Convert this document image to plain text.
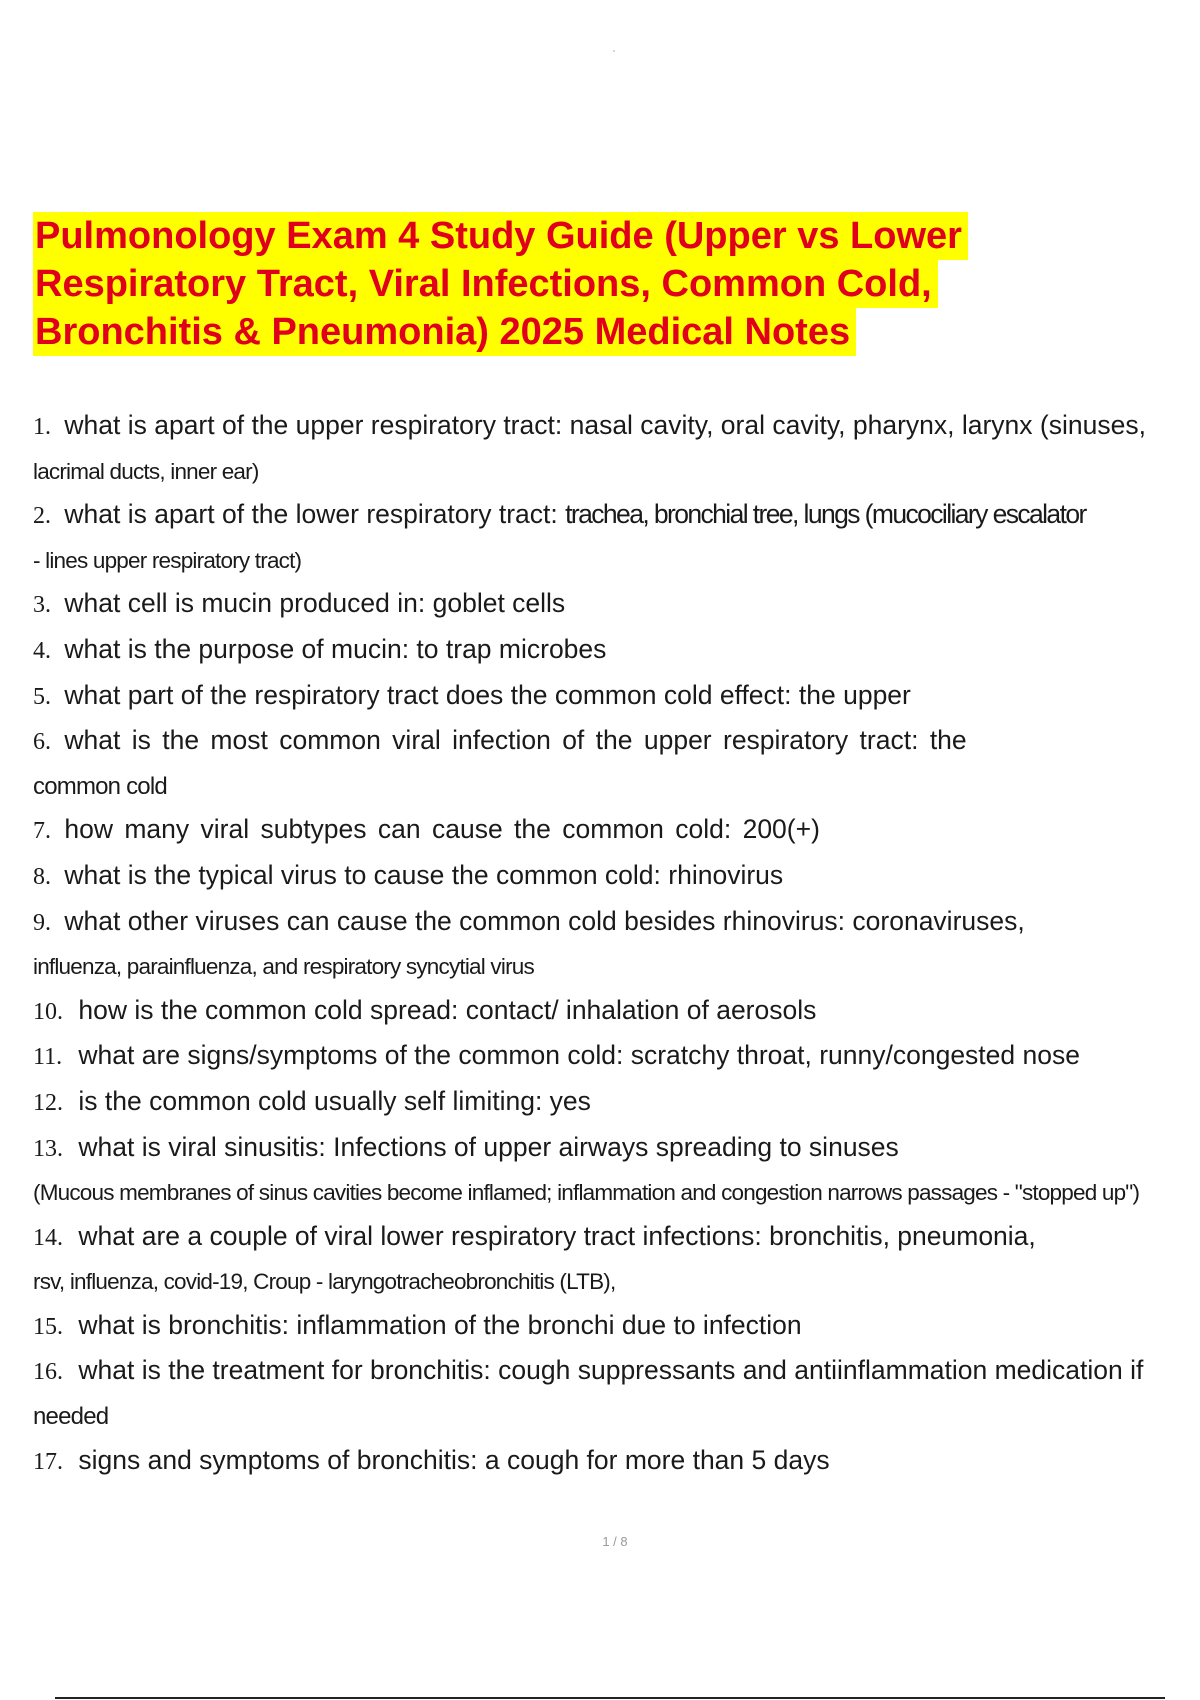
Pulmonology Exam 4 Study Guide (Upper vs Lower
Respiratory Tract, Viral Infections, Common Cold,
Bronchitis & Pneumonia) 2025 Medical Notes
1. what is apart of the upper respiratory tract: nasal cavity, oral cavity, pharynx, larynx (sinuses,
lacrimal ducts, inner ear)
2. what is apart of the lower respiratory tract: trachea, bronchial tree, lungs (mucociliary escalator
- lines upper respiratory tract)
3. what cell is mucin produced in: goblet cells
4. what is the purpose of mucin: to trap microbes
5. what part of the respiratory tract does the common cold effect: the upper
6. what is the most common viral infection of the upper respiratory tract: the
common cold
7. how many viral subtypes can cause the common cold: 200(+)
8. what is the typical virus to cause the common cold: rhinovirus
9. what other viruses can cause the common cold besides rhinovirus: coronaviruses,
influenza, parainfluenza, and respiratory syncytial virus
10. how is the common cold spread: contact/ inhalation of aerosols
11. what are signs/symptoms of the common cold: scratchy throat, runny/congested nose
12. is the common cold usually self limiting: yes
13. what is viral sinusitis: Infections of upper airways spreading to sinuses
(Mucous membranes of sinus cavities become inflamed; inflammation and congestion narrows passages - "stopped up")
14. what are a couple of viral lower respiratory tract infections: bronchitis, pneumonia,
rsv, influenza, covid-19, Croup - laryngotracheobronchitis (LTB),
15. what is bronchitis: inflammation of the bronchi due to infection
16. what is the treatment for bronchitis: cough suppressants and antiinflammation medication if
needed
17. signs and symptoms of bronchitis: a cough for more than 5 days
1 / 8
